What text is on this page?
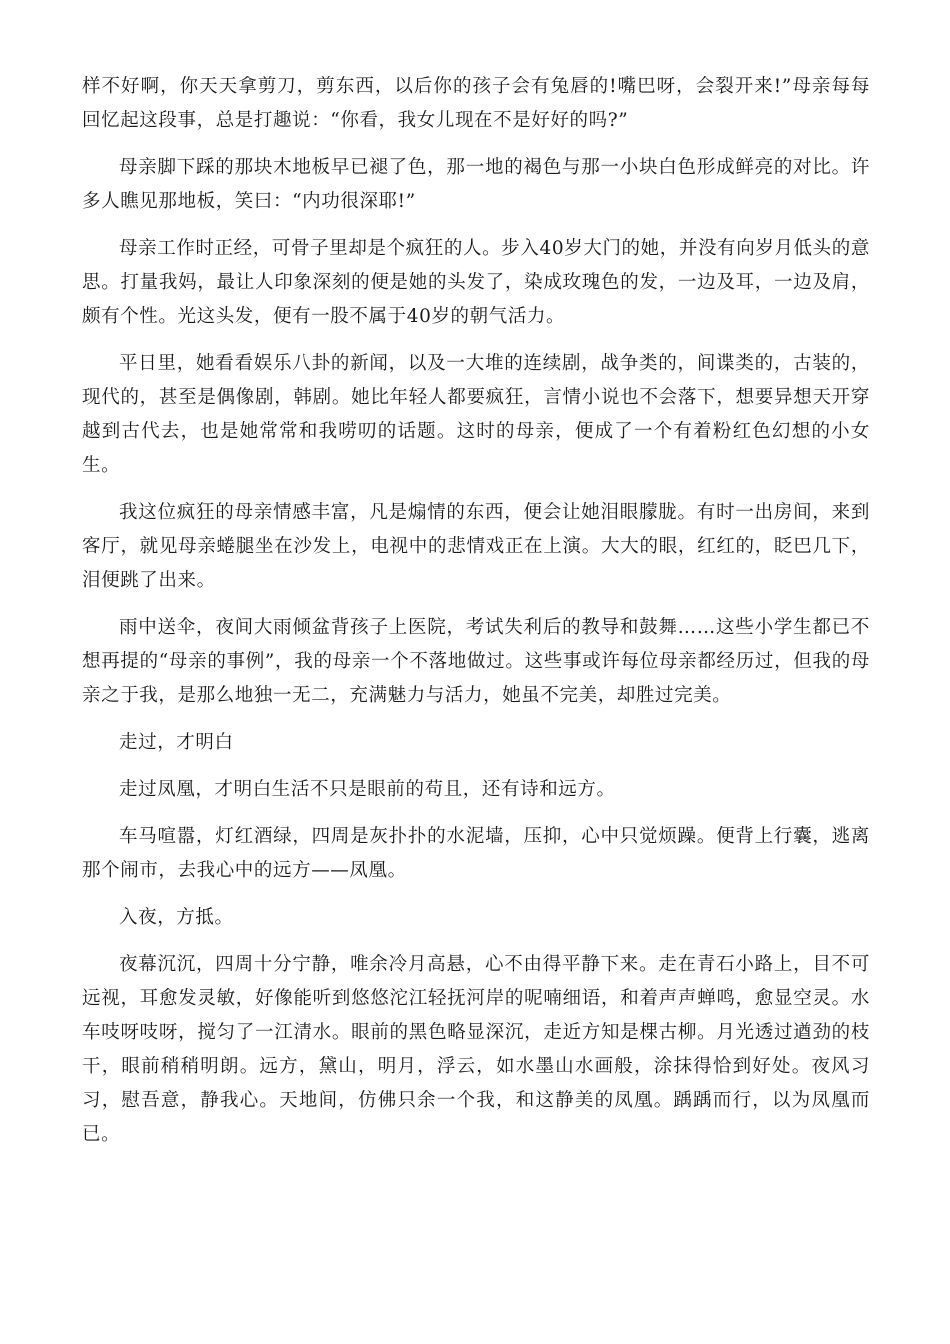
样不好啊，你天天拿剪刀，剪东西，以后你的孩子会有兔唇的!嘴巴呀，会裂开来!”母亲每每回忆起这段事，总是打趣说：“你看，我女儿现在不是好好的吗?”

母亲脚下踩的那块木地板早已褪了色，那一地的褐色与那一小块白色形成鲜亮的对比。许多人瞧见那地板，笑曰：“内功很深耶!”

母亲工作时正经，可骨子里却是个疯狂的人。步入40岁大门的她，并没有向岁月低头的意思。打量我妈，最让人印象深刻的便是她的头发了，染成玫瑰色的发，一边及耳，一边及肩，颇有个性。光这头发，便有一股不属于40岁的朝气活力。

平日里，她看看娱乐八卦的新闻，以及一大堆的连续剧，战争类的，间谍类的，古装的，现代的，甚至是偶像剧，韩剧。她比年轻人都要疯狂，言情小说也不会落下，想要异想天开穿越到古代去，也是她常常和我唠叨的话题。这时的母亲，便成了一个有着粉红色幻想的小女生。

我这位疯狂的母亲情感丰富，凡是煽情的东西，便会让她泪眼朦胧。有时一出房间，来到客厅，就见母亲蜷腿坐在沙发上，电视中的悲情戏正在上演。大大的眼，红红的，眨巴几下，泪便跳了出来。

雨中送伞，夜间大雨倾盆背孩子上医院，考试失利后的教导和鼓舞……这些小学生都已不想再提的“母亲的事例”，我的母亲一个不落地做过。这些事或许每位母亲都经历过，但我的母亲之于我，是那么地独一无二，充满魅力与活力，她虽不完美，却胜过完美。

走过，才明白

走过凤凰，才明白生活不只是眼前的苟且，还有诗和远方。

车马喧嚣，灯红酒绿，四周是灰扑扑的水泥墙，压抑，心中只觉烦躁。便背上行囊，逃离那个闹市，去我心中的远方——凤凰。

入夜，方抵。

夜幕沉沉，四周十分宁静，唯余冷月高悬，心不由得平静下来。走在青石小路上，目不可远视，耳愈发灵敏，好像能听到悠悠沱江轻抚河岸的呢喃细语，和着声声蝉鸣，愈显空灵。水车吱呀吱呀，搅匀了一江清水。眼前的黑色略显深沉，走近方知是棵古柳。月光透过遒劲的枝干，眼前稍稍明朗。远方，黛山，明月，浮云，如水墨山水画般，涂抹得恰到好处。夜风习习，慰吾意，静我心。天地间，仿佛只余一个我，和这静美的凤凰。踽踽而行，以为凤凰而已。
